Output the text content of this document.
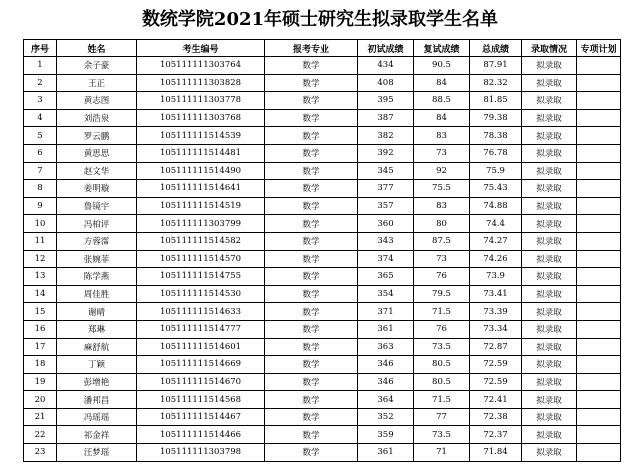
数统学院2021年硕士研究生拟录取学生名单
序号	姓名	考生编号	报考专业	初试成绩	复试成绩	总成绩	录取情况	专项计划
1	余子豪	105111111303764	数学	434	90.5	87.91	拟录取	
2	王正	105111111303828	数学	408	84	82.32	拟录取	
3	黄志图	105111111303778	数学	395	88.5	81.85	拟录取	
4	刘浩泉	105111111303768	数学	387	84	79.38	拟录取	
5	罗云鹏	105111111514539	数学	382	83	78.38	拟录取	
6	黄思思	105111111514481	数学	392	73	76.78	拟录取	
7	赵文华	105111111514490	数学	345	92	75.9	拟录取	
8	姜明璇	105111111514641	数学	377	75.5	75.43	拟录取	
9	鲁镜宇	105111111514519	数学	357	83	74.88	拟录取	
10	冯柏评	105111111303799	数学	360	80	74.4	拟录取	
11	方蓉霈	105111111514582	数学	343	87.5	74.27	拟录取	
12	张婉菲	105111111514570	数学	374	73	74.26	拟录取	
13	陈学燕	105111111514755	数学	365	76	73.9	拟录取	
14	周佳胜	105111111514530	数学	354	79.5	73.41	拟录取	
15	谢晴	105111111514633	数学	371	71.5	73.39	拟录取	
16	郑琳	105111111514777	数学	361	76	73.34	拟录取	
17	麻舒航	105111111514601	数学	363	73.5	72.87	拟录取	
18	丁颖	105111111514669	数学	346	80.5	72.59	拟录取	
19	彭增艳	105111111514670	数学	346	80.5	72.59	拟录取	
20	潘邦昌	105111111514568	数学	364	71.5	72.41	拟录取	
21	冯瑶瑶	105111111514467	数学	352	77	72.38	拟录取	
22	祁金祥	105111111514466	数学	359	73.5	72.37	拟录取	
23	汪梦瑶	105111111303798	数学	361	71	71.84	拟录取	
